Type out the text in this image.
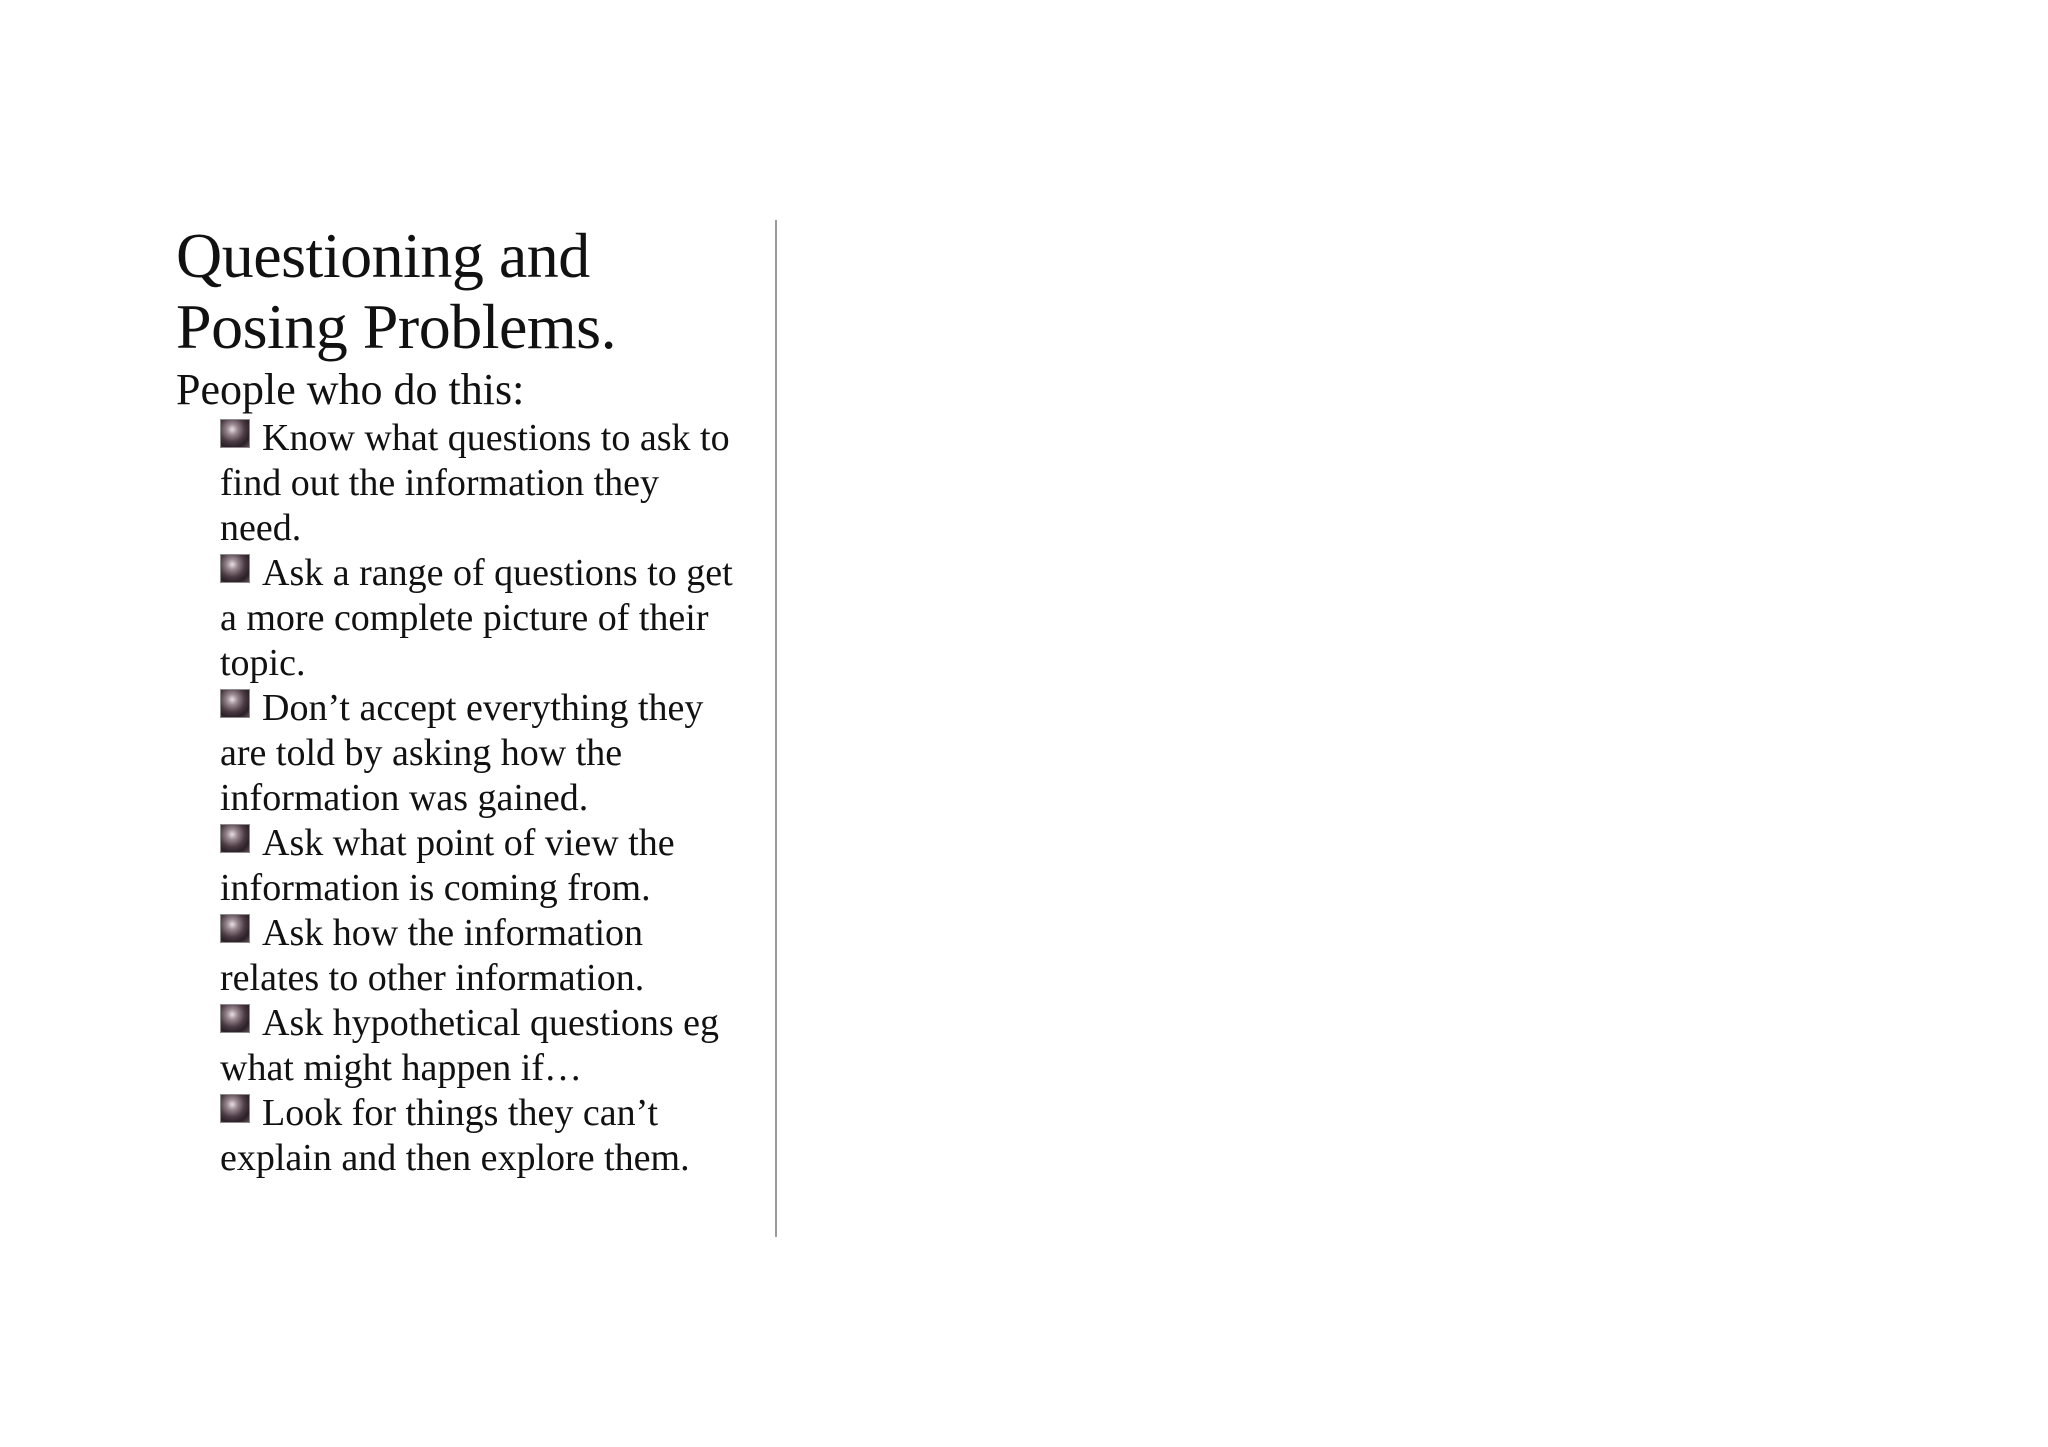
Questioning and
Posing Problems.

People who do this:

Know what questions to ask to find out the information they need.
Ask a range of questions to get a more complete picture of their topic.
Don’t accept everything they are told by asking how the information was gained.
Ask what point of view the information is coming from.
Ask how the information relates to other information.
Ask hypothetical questions eg what might happen if…
Look for things they can’t explain and then explore them.
